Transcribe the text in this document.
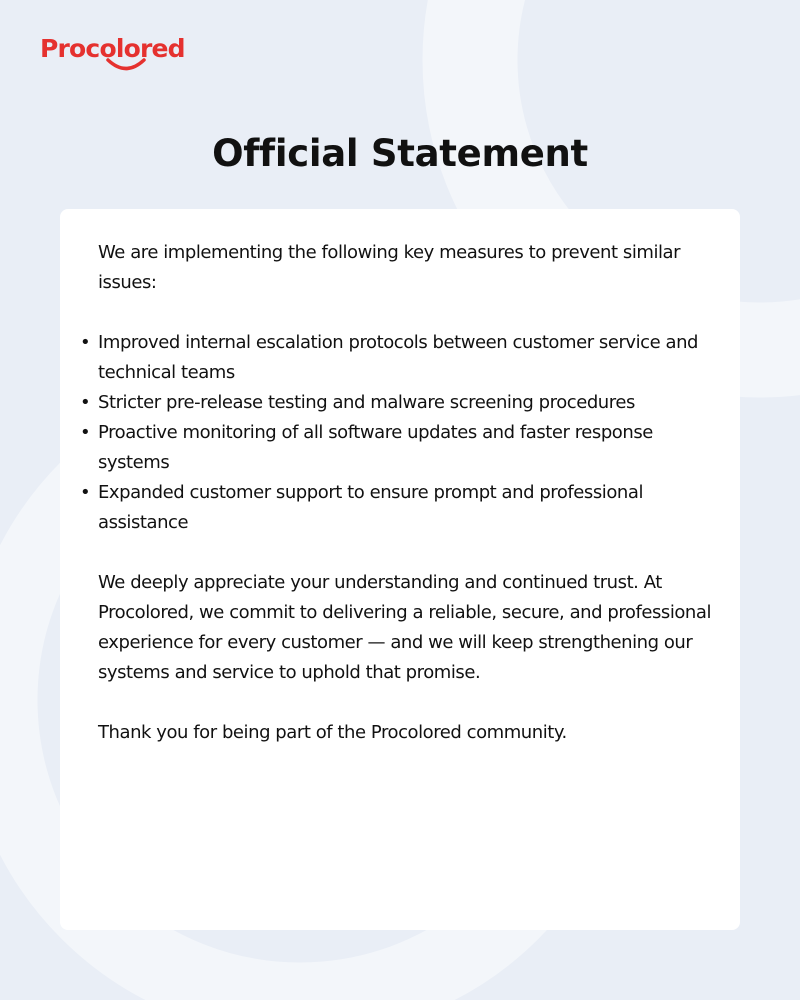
Procolored
Official Statement

We are implementing the following key measures to prevent similar issues:

• Improved internal escalation protocols between customer service and technical teams
• Stricter pre-release testing and malware screening procedures
• Proactive monitoring of all software updates and faster response systems
• Expanded customer support to ensure prompt and professional assistance

We deeply appreciate your understanding and continued trust. At Procolored, we commit to delivering a reliable, secure, and professional experience for every customer — and we will keep strengthening our systems and service to uphold that promise.

Thank you for being part of the Procolored community.
